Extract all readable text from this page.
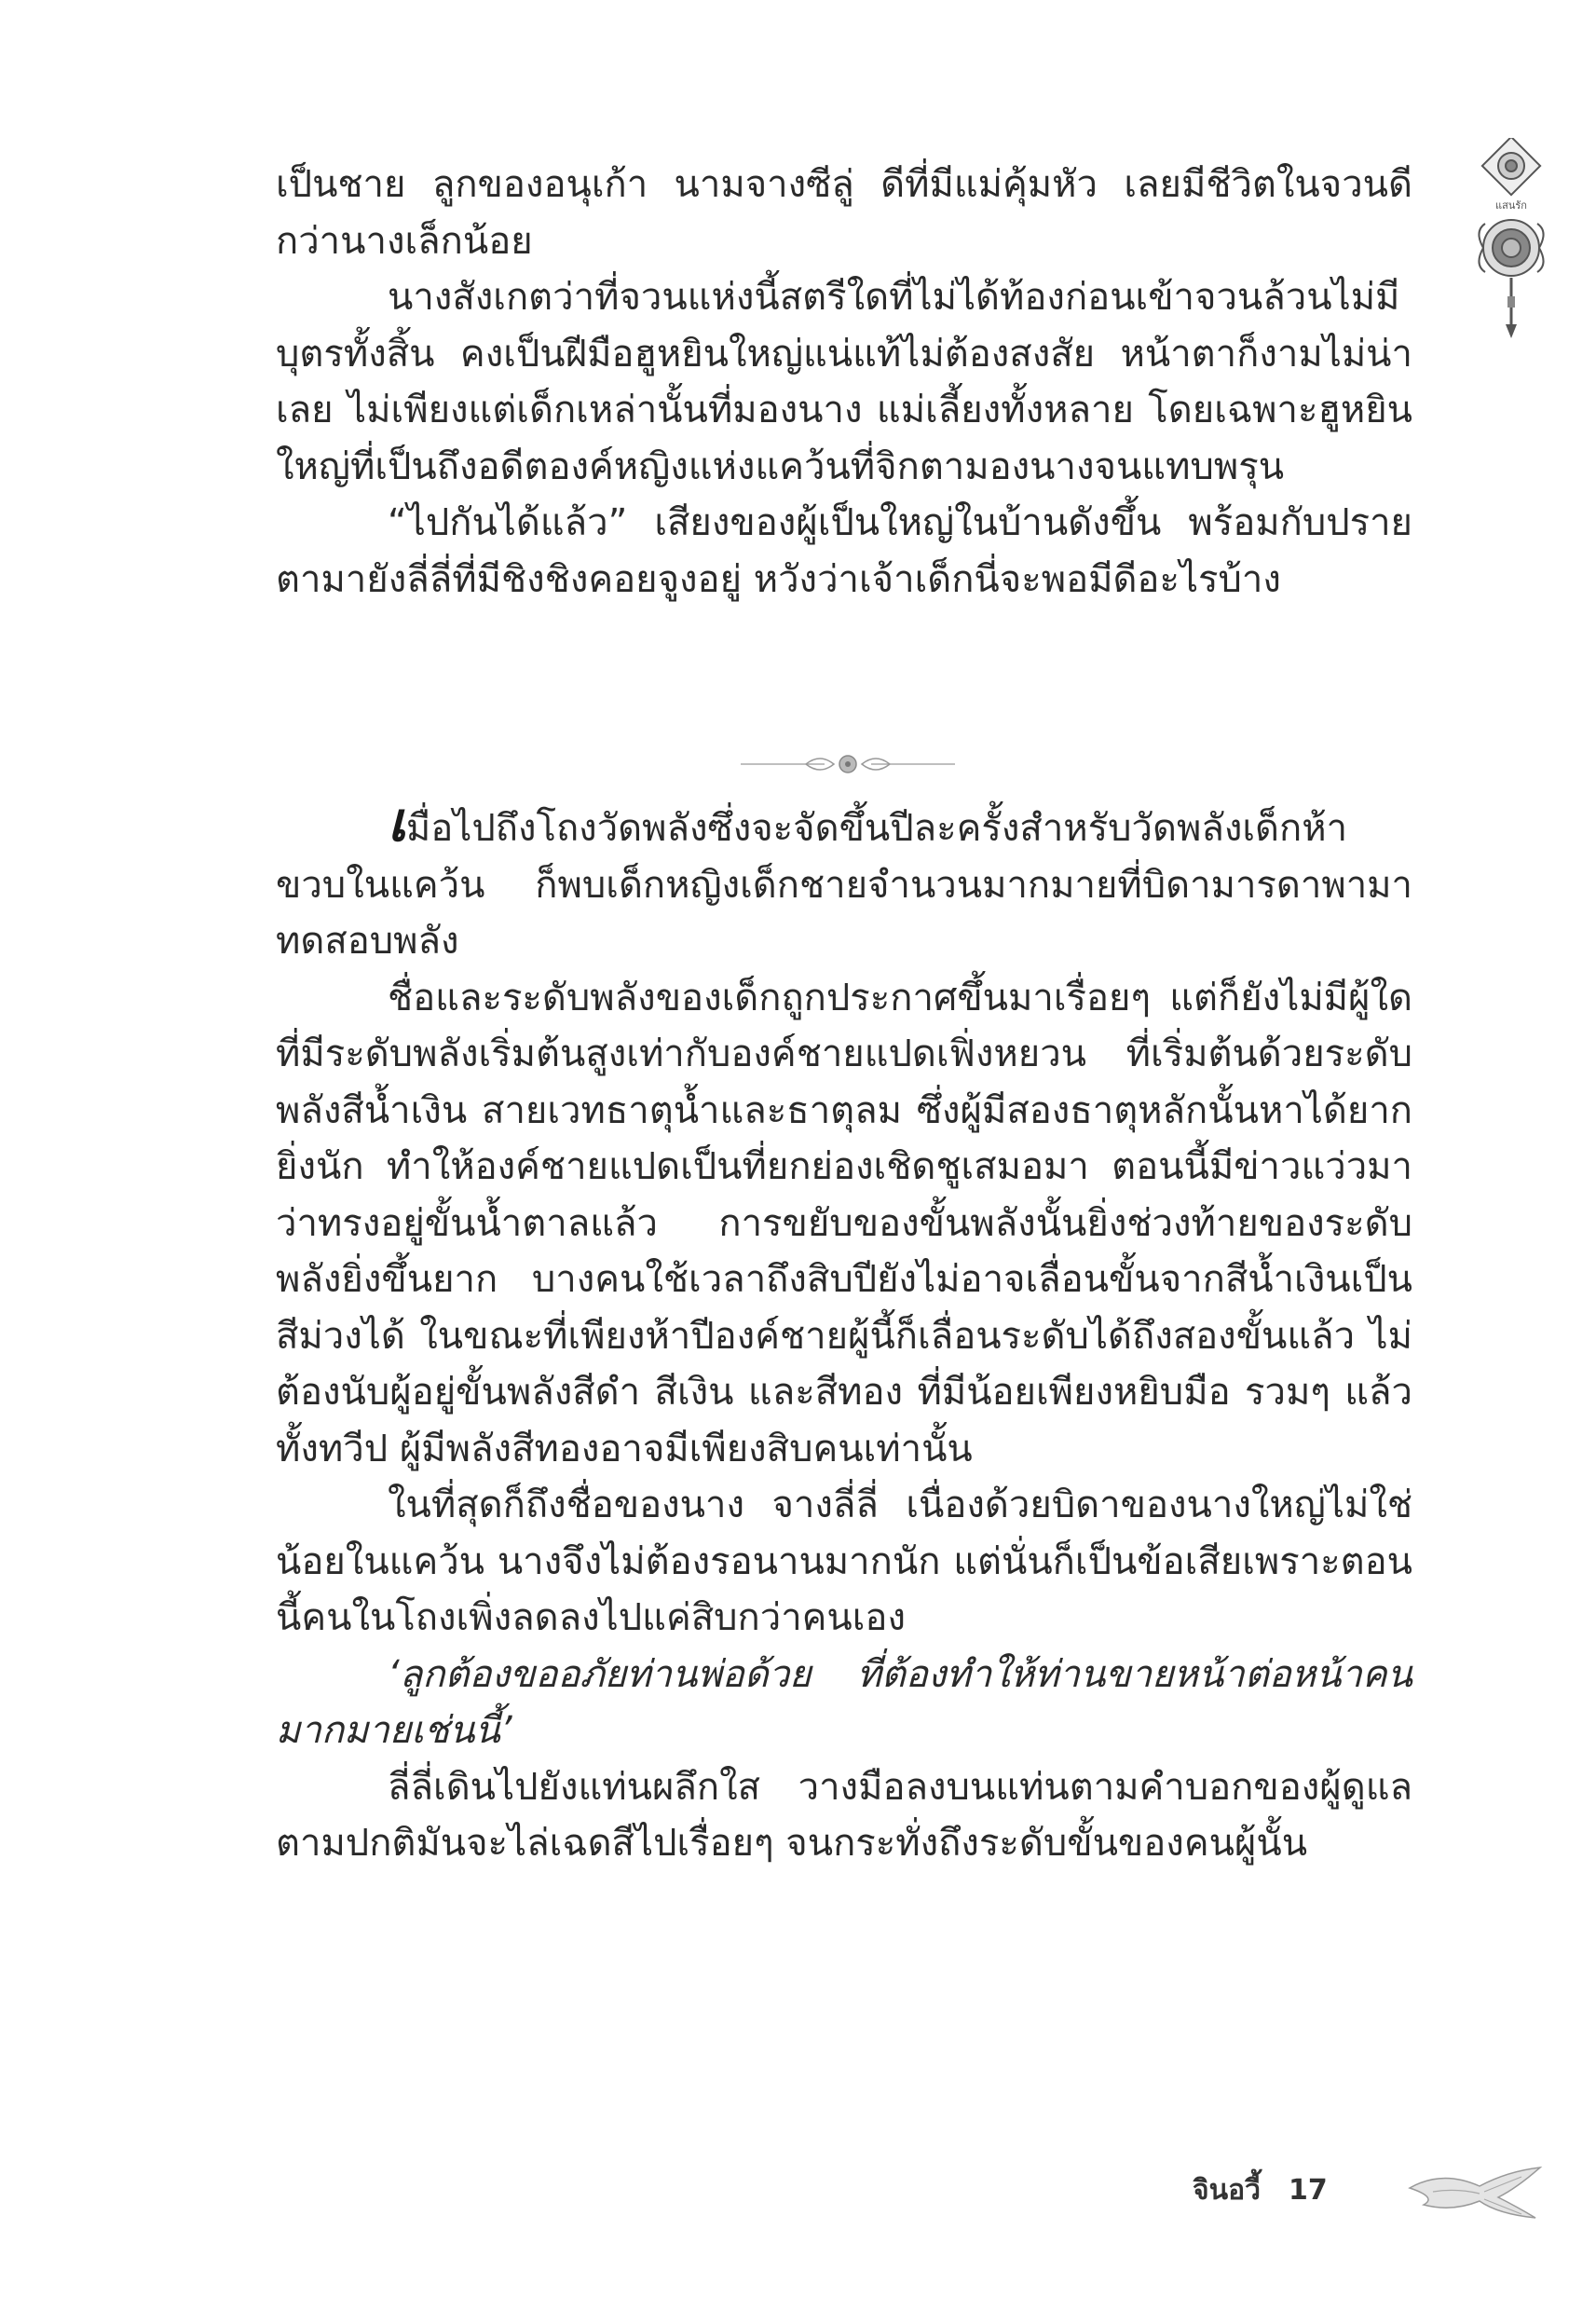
แสนรัก

เป็นชาย ลูกของอนุเก้า นามจางซีลู่ ดีที่มีแม่คุ้มหัว เลยมีชีวิตในจวนดีกว่านางเล็กน้อย

นางสังเกตว่าที่จวนแห่งนี้สตรีใดที่ไม่ได้ท้องก่อนเข้าจวนล้วนไม่มีบุตรทั้งสิ้น คงเป็นฝีมือฮูหยินใหญ่แน่แท้ไม่ต้องสงสัย หน้าตาก็งามไม่น่าเลย ไม่เพียงแต่เด็กเหล่านั้นที่มองนาง แม่เลี้ยงทั้งหลาย โดยเฉพาะฮูหยินใหญ่ที่เป็นถึงอดีตองค์หญิงแห่งแคว้นที่จิกตามองนางจนแทบพรุน

“ไปกันได้แล้ว” เสียงของผู้เป็นใหญ่ในบ้านดังขึ้น พร้อมกับปรายตามายังลี่ลี่ที่มีชิงชิงคอยจูงอยู่ หวังว่าเจ้าเด็กนี่จะพอมีดีอะไรบ้าง

เมื่อไปถึงโถงวัดพลังซึ่งจะจัดขึ้นปีละครั้งสำหรับวัดพลังเด็กห้าขวบในแคว้น ก็พบเด็กหญิงเด็กชายจำนวนมากมายที่บิดามารดาพามาทดสอบพลัง

ชื่อและระดับพลังของเด็กถูกประกาศขึ้นมาเรื่อยๆ แต่ก็ยังไม่มีผู้ใดที่มีระดับพลังเริ่มต้นสูงเท่ากับองค์ชายแปดเฟิ่งหยวน ที่เริ่มต้นด้วยระดับพลังสีน้ำเงิน สายเวทธาตุน้ำและธาตุลม ซึ่งผู้มีสองธาตุหลักนั้นหาได้ยากยิ่งนัก ทำให้องค์ชายแปดเป็นที่ยกย่องเชิดชูเสมอมา ตอนนี้มีข่าวแว่วมาว่าทรงอยู่ขั้นน้ำตาลแล้ว การขยับของขั้นพลังนั้นยิ่งช่วงท้ายของระดับพลังยิ่งขึ้นยาก บางคนใช้เวลาถึงสิบปียังไม่อาจเลื่อนขั้นจากสีน้ำเงินเป็นสีม่วงได้ ในขณะที่เพียงห้าปีองค์ชายผู้นี้ก็เลื่อนระดับได้ถึงสองขั้นแล้ว ไม่ต้องนับผู้อยู่ขั้นพลังสีดำ สีเงิน และสีทอง ที่มีน้อยเพียงหยิบมือ รวมๆ แล้วทั้งทวีป ผู้มีพลังสีทองอาจมีเพียงสิบคนเท่านั้น

ในที่สุดก็ถึงชื่อของนาง จางลี่ลี่ เนื่องด้วยบิดาของนางใหญ่ไม่ใช่น้อยในแคว้น นางจึงไม่ต้องรอนานมากนัก แต่นั่นก็เป็นข้อเสียเพราะตอนนี้คนในโถงเพิ่งลดลงไปแค่สิบกว่าคนเอง

‘ลูกต้องขออภัยท่านพ่อด้วย ที่ต้องทำให้ท่านขายหน้าต่อหน้าคนมากมายเช่นนี้’

ลี่ลี่เดินไปยังแท่นผลึกใส วางมือลงบนแท่นตามคำบอกของผู้ดูแลตามปกติมันจะไล่เฉดสีไปเรื่อยๆ จนกระทั่งถึงระดับขั้นของคนผู้นั้น

จินอวี้ 17
